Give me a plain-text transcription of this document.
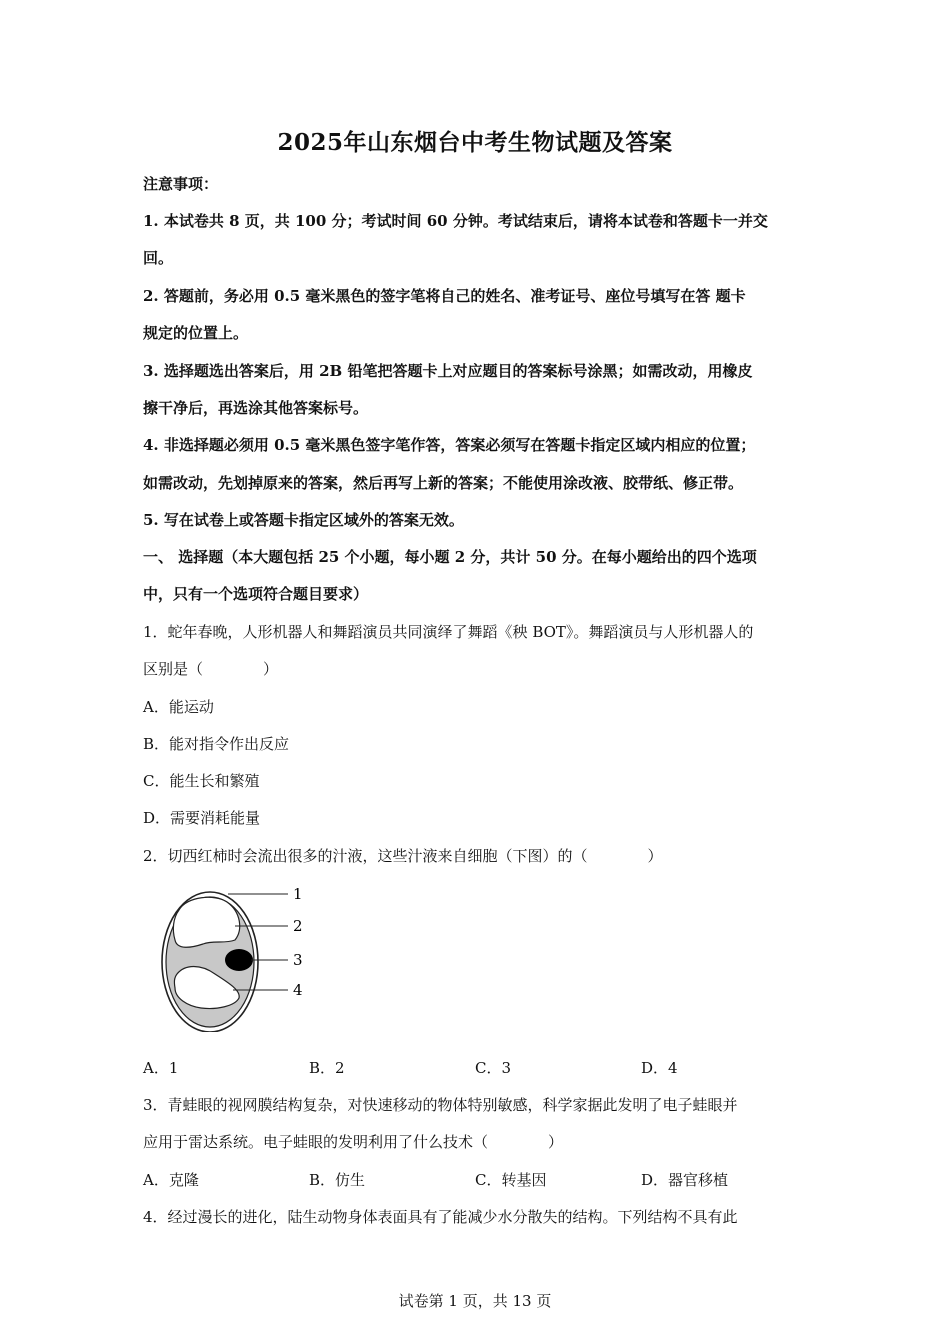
2025年山东烟台中考生物试题及答案
注意事项：
1. 本试卷共 8 页，共 100 分；考试时间 60 分钟。考试结束后，请将本试卷和答题卡一并交
回。
2. 答题前，务必用 0.5 毫米黑色的签字笔将自己的姓名、准考证号、座位号填写在答 题卡
规定的位置上。
3. 选择题选出答案后，用 2B 铅笔把答题卡上对应题目的答案标号涂黑；如需改动，用橡皮
擦干净后，再选涂其他答案标号。
4. 非选择题必须用 0.5 毫米黑色签字笔作答，答案必须写在答题卡指定区域内相应的位置；
如需改动，先划掉原来的答案，然后再写上新的答案；不能使用涂改液、胶带纸、修正带。
5. 写在试卷上或答题卡指定区域外的答案无效。
一、 选择题（本大题包括 25 个小题，每小题 2 分，共计 50 分。在每小题给出的四个选项
中，只有一个选项符合题目要求）
1．蛇年春晚，人形机器人和舞蹈演员共同演绎了舞蹈《秧 BOT》。舞蹈演员与人形机器人的
区别是（　　　　）
A．能运动
B．能对指令作出反应
C．能生长和繁殖
D．需要消耗能量
2．切西红柿时会流出很多的汁液，这些汁液来自细胞（下图）的（　　　　）
1
2
3
4
A．1	B．2	C．3	D．4
3．青蛙眼的视网膜结构复杂，对快速移动的物体特别敏感，科学家据此发明了电子蛙眼并
应用于雷达系统。电子蛙眼的发明利用了什么技术（　　　　）
A．克隆	B．仿生	C．转基因	D．器官移植
4．经过漫长的进化，陆生动物身体表面具有了能减少水分散失的结构。下列结构不具有此
试卷第 1 页，共 13 页
